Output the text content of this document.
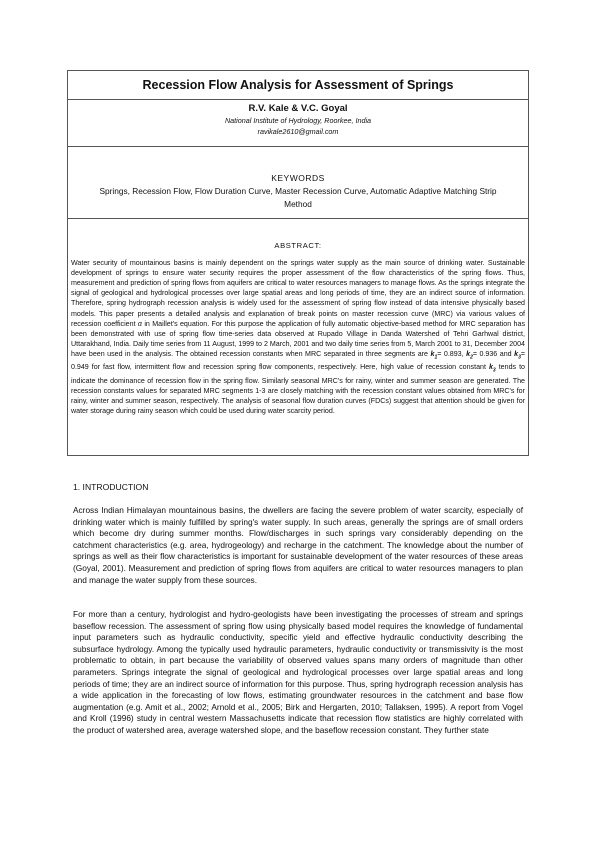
Recession Flow Analysis for Assessment of Springs
R.V. Kale & V.C. Goyal
National Institute of Hydrology, Roorkee, India
ravikale2610@gmail.com
KEYWORDS
Springs, Recession Flow, Flow Duration Curve, Master Recession Curve, Automatic Adaptive Matching Strip Method
ABSTRACT:

Water security of mountainous basins is mainly dependent on the springs water supply as the main source of drinking water. Sustainable development of springs to ensure water security requires the proper assessment of the flow characteristics of the spring flows. Thus, measurement and prediction of spring flows from aquifers are critical to water resources managers to manage flows. As the springs integrate the signal of geological and hydrological processes over large spatial areas and long periods of time, they are an indirect source of information. Therefore, spring hydrograph recession analysis is widely used for the assessment of spring flow instead of data intensive physically based models. This paper presents a detailed analysis and explanation of break points on master recession curve (MRC) via various values of recession coefficient α in Maillet's equation. For this purpose the application of fully automatic objective-based method for MRC separation has been demonstrated with use of spring flow time-series data observed at Rupado Village in Danda Watershed of Tehri Garhwal district, Uttarakhand, India. Daily time series from 11 August, 1999 to 2 March, 2001 and two daily time series from 5, March 2001 to 31, December 2004 have been used in the analysis. The obtained recession constants when MRC separated in three segments are $k_1= 0.893$, $k_2= 0.936$ and $k_3= 0.949$ for fast flow, intermittent flow and recession spring flow components, respectively. Here, high value of recession constant $k_3$ tends to indicate the dominance of recession flow in the spring flow. Similarly seasonal MRC's for rainy, winter and summer season are generated. The recession constants values for separated MRC segments 1-3 are closely matching with the recession constant values obtained from MRC's for rainy, winter and summer season, respectively. The analysis of seasonal flow duration curves (FDCs) suggest that attention should be given for water storage during rainy season which could be used during water scarcity period.

1. INTRODUCTION

Across Indian Himalayan mountainous basins, the dwellers are facing the severe problem of water scarcity, especially of drinking water which is mainly fulfilled by spring's water supply. In such areas, generally the springs are of small orders which become dry during summer months. Flow/discharges in such springs vary considerably depending on the catchment characteristics (e.g. area, hydrogeology) and recharge in the catchment. The knowledge about the number of springs as well as their flow characteristics is important for sustainable development of the water resources of these areas (Goyal, 2001). Measurement and prediction of spring flows from aquifers are critical to water resources managers to plan and manage the water supply from these sources.

For more than a century, hydrologist and hydro-geologists have been investigating the processes of stream and springs baseflow recession. The assessment of spring flow using physically based model requires the knowledge of fundamental input parameters such as hydraulic conductivity, specific yield and effective hydraulic conductivity describing the subsurface hydrology. Among the typically used hydraulic parameters, hydraulic conductivity or transmissivity is the most problematic to obtain, in part because the variability of observed values spans many orders of magnitude than other parameters. Springs integrate the signal of geological and hydrological processes over large spatial areas and long periods of time; they are an indirect source of information for this purpose. Thus, spring hydrograph recession analysis has a wide application in the forecasting of low flows, estimating groundwater resources in the catchment and base flow augmentation (e.g. Amit et al., 2002; Arnold et al., 2005; Birk and Hergarten, 2010; Tallaksen, 1995). A report from Vogel and Kroll (1996) study in central western Massachusetts indicate that recession flow statistics are highly correlated with the product of watershed area, average watershed slope, and the baseflow recession constant. They further state
